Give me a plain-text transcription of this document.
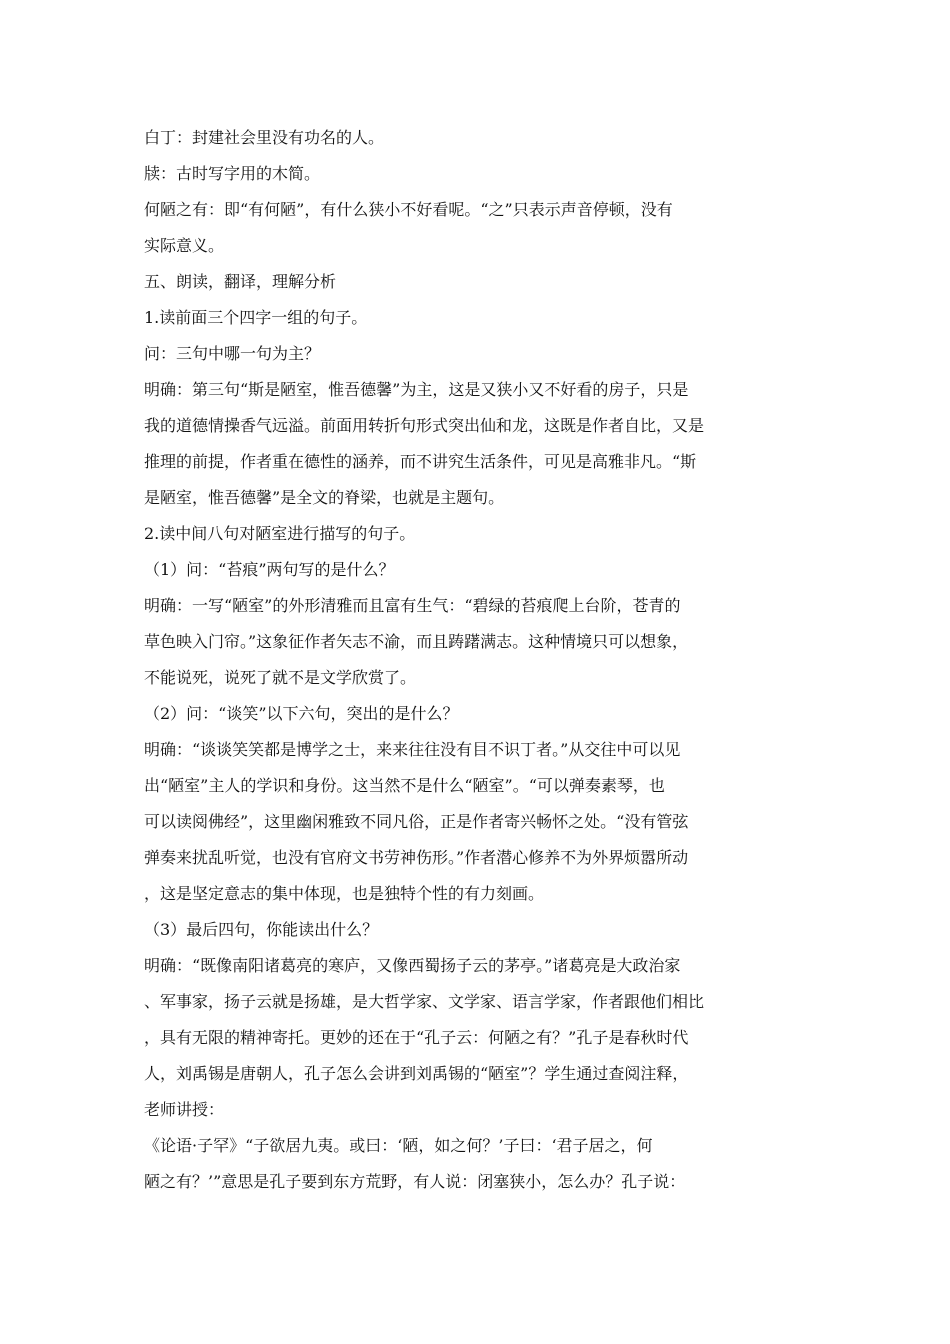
白丁：封建社会里没有功名的人。
牍：古时写字用的木简。
何陋之有：即“有何陋”，有什么狭小不好看呢。“之”只表示声音停顿，没有
实际意义。
五、朗读，翻译，理解分析
1.读前面三个四字一组的句子。
问：三句中哪一句为主？
明确：第三句“斯是陋室，惟吾德馨”为主，这是又狭小又不好看的房子，只是
我的道德情操香气远溢。前面用转折句形式突出仙和龙，这既是作者自比，又是
推理的前提，作者重在德性的涵养，而不讲究生活条件，可见是高雅非凡。“斯
是陋室，惟吾德馨”是全文的脊梁，也就是主题句。
2.读中间八句对陋室进行描写的句子。
（1）问：“苔痕”两句写的是什么？
明确：一写“陋室”的外形清雅而且富有生气：“碧绿的苔痕爬上台阶，苍青的
草色映入门帘。”这象征作者矢志不渝，而且踌躇满志。这种情境只可以想象，
不能说死，说死了就不是文学欣赏了。
（2）问：“谈笑”以下六句，突出的是什么？
明确：“谈谈笑笑都是博学之士，来来往往没有目不识丁者。”从交往中可以见
出“陋室”主人的学识和身份。这当然不是什么“陋室”。“可以弹奏素琴，也
可以读阅佛经”，这里幽闲雅致不同凡俗，正是作者寄兴畅怀之处。“没有管弦
弹奏来扰乱听觉，也没有官府文书劳神伤形。”作者潜心修养不为外界烦嚣所动
，这是坚定意志的集中体现，也是独特个性的有力刻画。
（3）最后四句，你能读出什么？
明确：“既像南阳诸葛亮的寒庐，又像西蜀扬子云的茅亭。”诸葛亮是大政治家
、军事家，扬子云就是扬雄，是大哲学家、文学家、语言学家，作者跟他们相比
，具有无限的精神寄托。更妙的还在于“孔子云：何陋之有？”孔子是春秋时代
人，刘禹锡是唐朝人，孔子怎么会讲到刘禹锡的“陋室”？学生通过查阅注释，
老师讲授：
《论语·子罕》“子欲居九夷。或曰：‘陋，如之何？’子曰：‘君子居之，何
陋之有？’”意思是孔子要到东方荒野，有人说：闭塞狭小，怎么办？孔子说：
